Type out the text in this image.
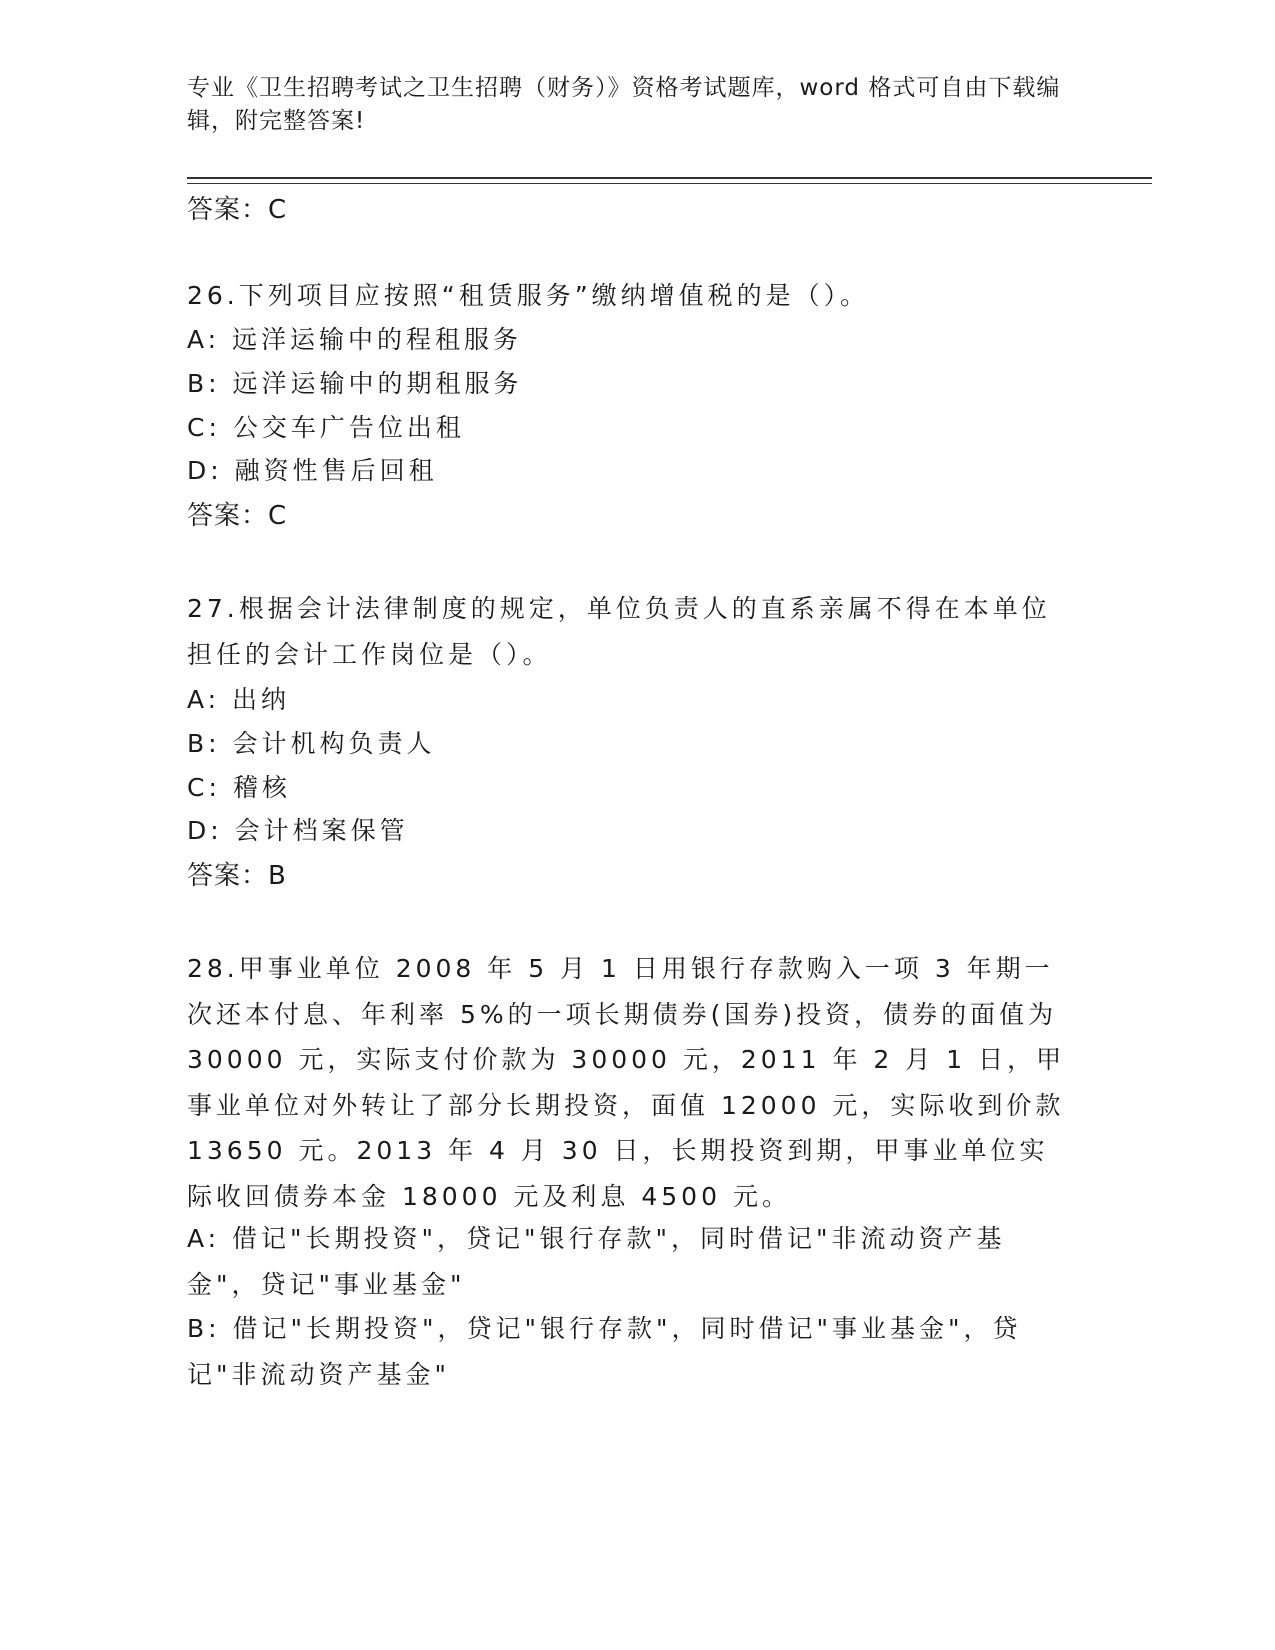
专业《卫生招聘考试之卫生招聘（财务）》资格考试题库，word 格式可自由下载编辑，附完整答案!
答案：C
26.下列项目应按照“租赁服务”缴纳增值税的是（）。
A: 远洋运输中的程租服务
B: 远洋运输中的期租服务
C: 公交车广告位出租
D: 融资性售后回租
答案：C
27.根据会计法律制度的规定，单位负责人的直系亲属不得在本单位担任的会计工作岗位是（）。
A: 出纳
B: 会计机构负责人
C: 稽核
D: 会计档案保管
答案：B
28.甲事业单位 2008 年 5 月 1 日用银行存款购入一项 3 年期一次还本付息、年利率 5%的一项长期债券(国券)投资，债券的面值为 30000 元，实际支付价款为 30000 元，2011 年 2 月 1 日，甲事业单位对外转让了部分长期投资，面值 12000 元，实际收到价款 13650 元。2013 年 4 月 30 日，长期投资到期，甲事业单位实际收回债券本金 18000 元及利息 4500 元。
A: 借记"长期投资"，贷记"银行存款"，同时借记"非流动资产基金"，贷记"事业基金"
B: 借记"长期投资"，贷记"银行存款"，同时借记"事业基金"，贷记"非流动资产基金"
